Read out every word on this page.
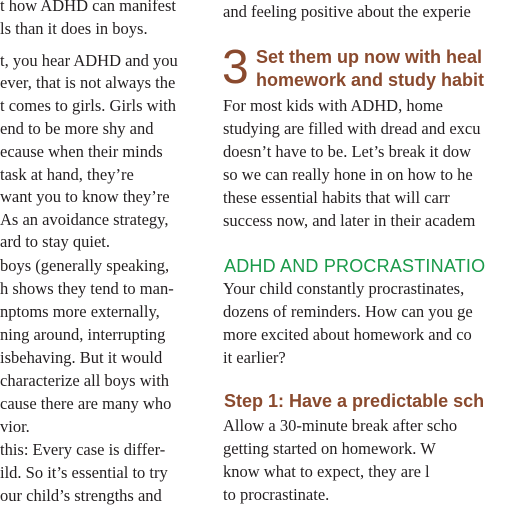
t how ADHD can manifest
ls than it does in boys.
t, you hear ADHD and you
ever, that is not always the
t comes to girls. Girls with
end to be more shy and
ecause when their minds
task at hand, they’re
want you to know they’re
As an avoidance strategy,
ard to stay quiet.
boys (generally speaking,
h shows they tend to man-
nptoms more externally,
ning around, interrupting
isbehaving. But it would
characterize all boys with
cause there are many who
vior.
this: Every case is differ-
ild. So it’s essential to try
our child’s strengths and
and feeling positive about the experie
3 Set them up now with heal
homework and study habit
For most kids with ADHD, home
studying are filled with dread and excu
doesn’t have to be. Let’s break it dow
so we can really hone in on how to he
these essential habits that will carr
success now, and later in their academ
ADHD AND PROCRASTINATIO
Your child constantly procrastinates,
dozens of reminders. How can you ge
more excited about homework and co
it earlier?
Step 1: Have a predictable sch
Allow a 30-minute break after scho
getting started on homework. W
know what to expect, they are l
to procrastinate.
